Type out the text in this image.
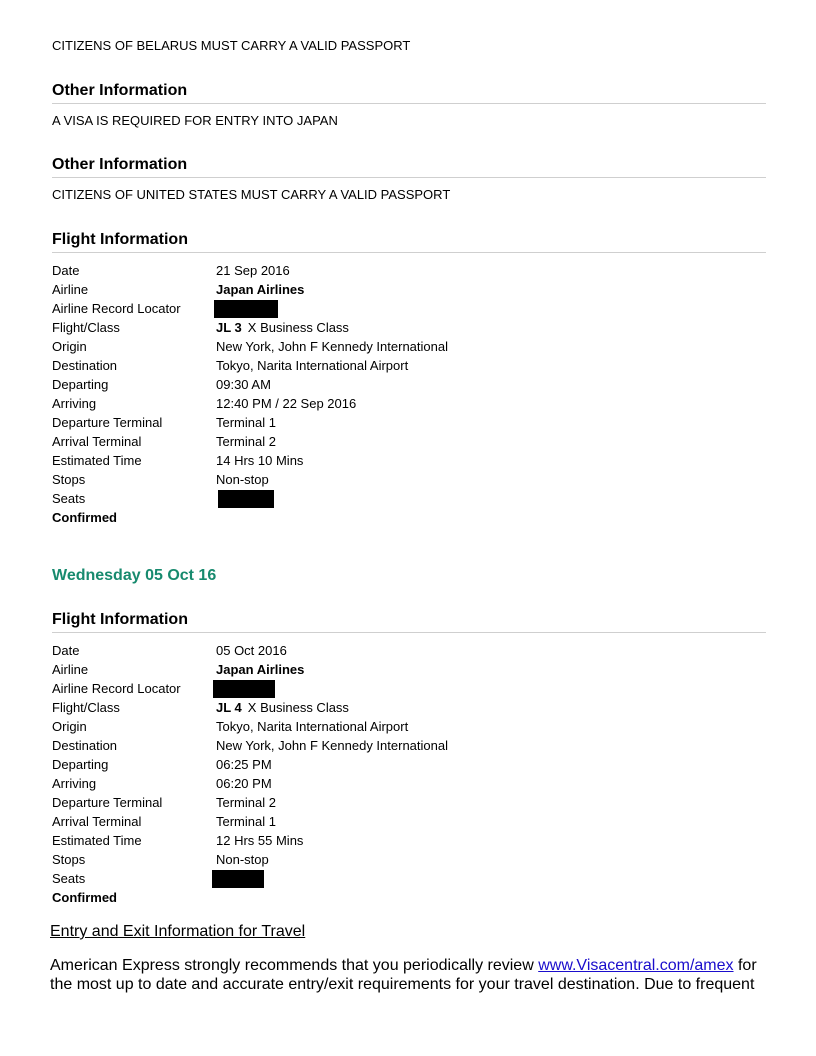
CITIZENS OF BELARUS MUST CARRY A VALID PASSPORT
Other Information
A VISA IS REQUIRED FOR ENTRY INTO JAPAN
Other Information
CITIZENS OF UNITED STATES MUST CARRY A VALID PASSPORT
Flight Information
Date	21 Sep 2016
Airline	Japan Airlines
Airline Record Locator
Flight/Class	JL 3 X Business Class
Origin	New York, John F Kennedy International
Destination	Tokyo, Narita International Airport
Departing	09:30 AM
Arriving	12:40 PM / 22 Sep 2016
Departure Terminal	Terminal 1
Arrival Terminal	Terminal 2
Estimated Time	14 Hrs 10 Mins
Stops	Non-stop
Seats
Confirmed
Wednesday 05 Oct 16
Flight Information
Date	05 Oct 2016
Airline	Japan Airlines
Airline Record Locator
Flight/Class	JL 4 X Business Class
Origin	Tokyo, Narita International Airport
Destination	New York, John F Kennedy International
Departing	06:25 PM
Arriving	06:20 PM
Departure Terminal	Terminal 2
Arrival Terminal	Terminal 1
Estimated Time	12 Hrs 55 Mins
Stops	Non-stop
Seats
Confirmed
Entry and Exit Information for Travel
American Express strongly recommends that you periodically review www.Visacentral.com/amex for the most up to date and accurate entry/exit requirements for your travel destination. Due to frequent
